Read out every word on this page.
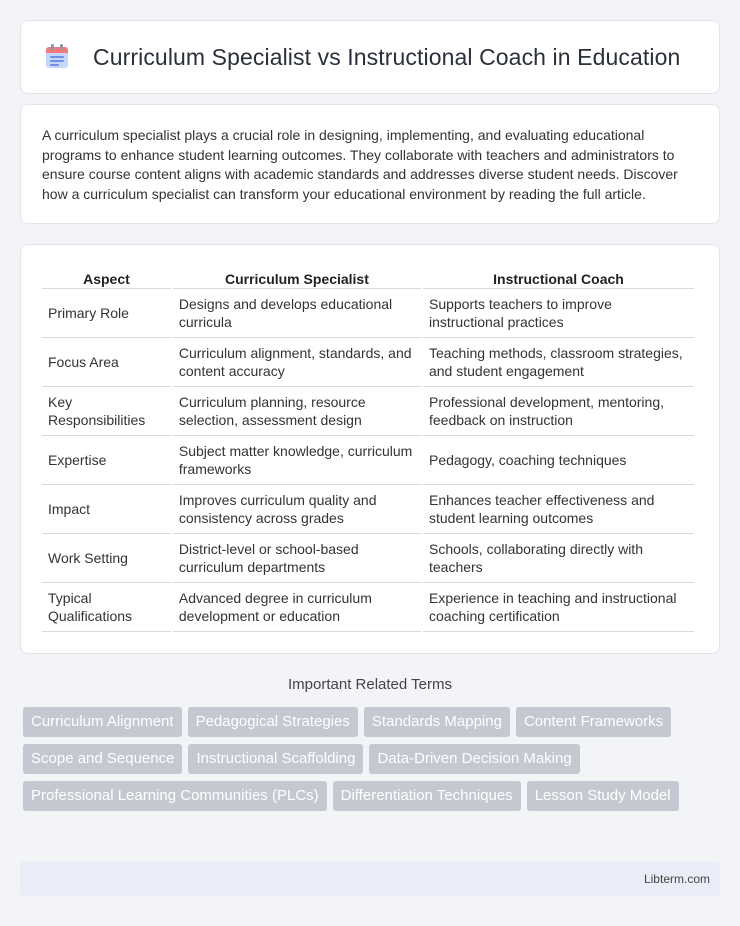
Curriculum Specialist vs Instructional Coach in Education

A curriculum specialist plays a crucial role in designing, implementing, and evaluating educational programs to enhance student learning outcomes. They collaborate with teachers and administrators to ensure course content aligns with academic standards and addresses diverse student needs. Discover how a curriculum specialist can transform your educational environment by reading the full article.

Aspect	Curriculum Specialist	Instructional Coach
Primary Role	Designs and develops educational curricula	Supports teachers to improve instructional practices
Focus Area	Curriculum alignment, standards, and content accuracy	Teaching methods, classroom strategies, and student engagement
Key Responsibilities	Curriculum planning, resource selection, assessment design	Professional development, mentoring, feedback on instruction
Expertise	Subject matter knowledge, curriculum frameworks	Pedagogy, coaching techniques
Impact	Improves curriculum quality and consistency across grades	Enhances teacher effectiveness and student learning outcomes
Work Setting	District-level or school-based curriculum departments	Schools, collaborating directly with teachers
Typical Qualifications	Advanced degree in curriculum development or education	Experience in teaching and instructional coaching certification
Important Related Terms
Curriculum Alignment	Pedagogical Strategies	Standards Mapping	Content Frameworks
Scope and Sequence	Instructional Scaffolding	Data-Driven Decision Making
Professional Learning Communities (PLCs)	Differentiation Techniques	Lesson Study Model
Libterm.com
